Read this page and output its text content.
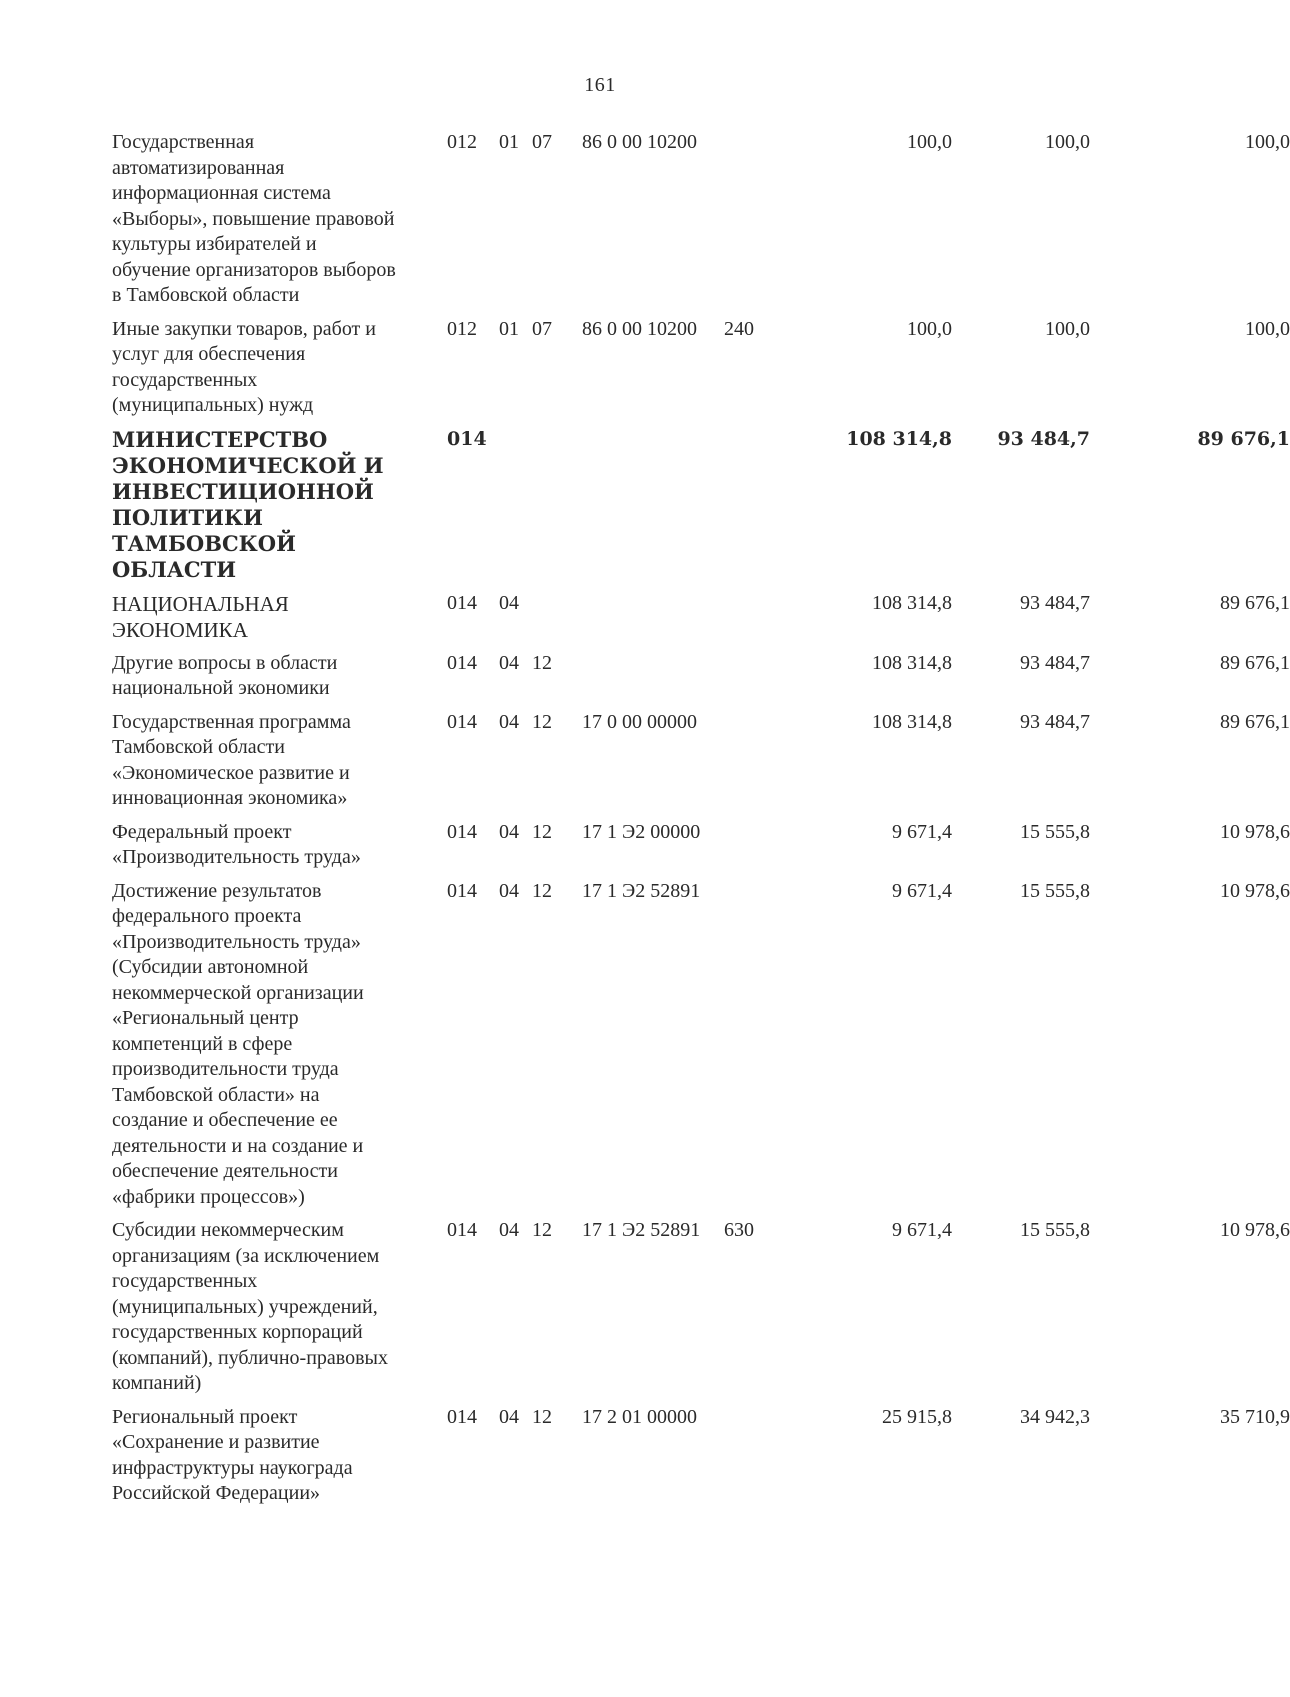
161
Государственная
автоматизированная
информационная система
«Выборы», повышение правовой
культуры избирателей и
обучение организаторов выборов
в Тамбовской области
012 01 07 86 0 00 10200	100,0	100,0	100,0
Иные закупки товаров, работ и
услуг для обеспечения
государственных
(муниципальных) нужд
012 01 07 86 0 00 10200 240	100,0	100,0	100,0
МИНИСТЕРСТВО
ЭКОНОМИЧЕСКОЙ И
ИНВЕСТИЦИОННОЙ
ПОЛИТИКИ ТАМБОВСКОЙ
ОБЛАСТИ
014	108 314,8	93 484,7	89 676,1
НАЦИОНАЛЬНАЯ
ЭКОНОМИКА
014 04	108 314,8	93 484,7	89 676,1
Другие вопросы в области
национальной экономики
014 04 12	108 314,8	93 484,7	89 676,1
Государственная программа
Тамбовской области
«Экономическое развитие и
инновационная экономика»
014 04 12 17 0 00 00000	108 314,8	93 484,7	89 676,1
Федеральный проект
«Производительность труда»
014 04 12 17 1 Э2 00000	9 671,4	15 555,8	10 978,6
Достижение результатов
федерального проекта
«Производительность труда»
(Субсидии автономной
некоммерческой организации
«Региональный центр
компетенций в сфере
производительности труда
Тамбовской области» на
создание и обеспечение ее
деятельности и на создание и
обеспечение деятельности
«фабрики процессов»)
014 04 12 17 1 Э2 52891	9 671,4	15 555,8	10 978,6
Субсидии некоммерческим
организациям (за исключением
государственных
(муниципальных) учреждений,
государственных корпораций
(компаний), публично-правовых
компаний)
014 04 12 17 1 Э2 52891 630	9 671,4	15 555,8	10 978,6
Региональный проект
«Сохранение и развитие
инфраструктуры наукограда
Российской Федерации»
014 04 12 17 2 01 00000	25 915,8	34 942,3	35 710,9
